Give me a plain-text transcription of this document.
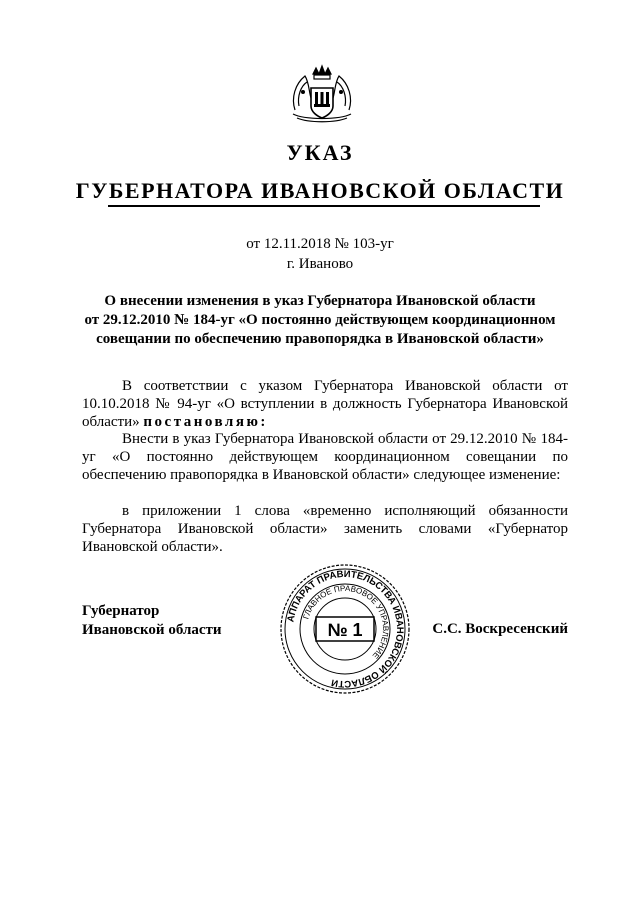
УКАЗ
ГУБЕРНАТОРА ИВАНОВСКОЙ ОБЛАСТИ
от 12.11.2018 № 103-уг
г. Иваново
О внесении изменения в указ Губернатора Ивановской области
от 29.12.2010 № 184-уг «О постоянно действующем координационном
совещании по обеспечению правопорядка в Ивановской области»
В соответствии с указом Губернатора Ивановской области от 10.10.2018 № 94-уг «О вступлении в должность Губернатора Ивановской области» постановляю:
Внести в указ Губернатора Ивановской области от 29.12.2010 № 184-уг «О постоянно действующем координационном совещании по обеспечению правопорядка в Ивановской области» следующее изменение:
в приложении 1 слова «временно исполняющий обязанности Губернатора Ивановской области» заменить словами «Губернатор Ивановской области».
Губернатор
Ивановской области
АППАРАТ ПРАВИТЕЛЬСТВА ИВАНОВСКОЙ ОБЛАСТИ
ГЛАВНОЕ ПРАВОВОЕ УПРАВЛЕНИЕ
№ 1	С.С. Воскресенский
